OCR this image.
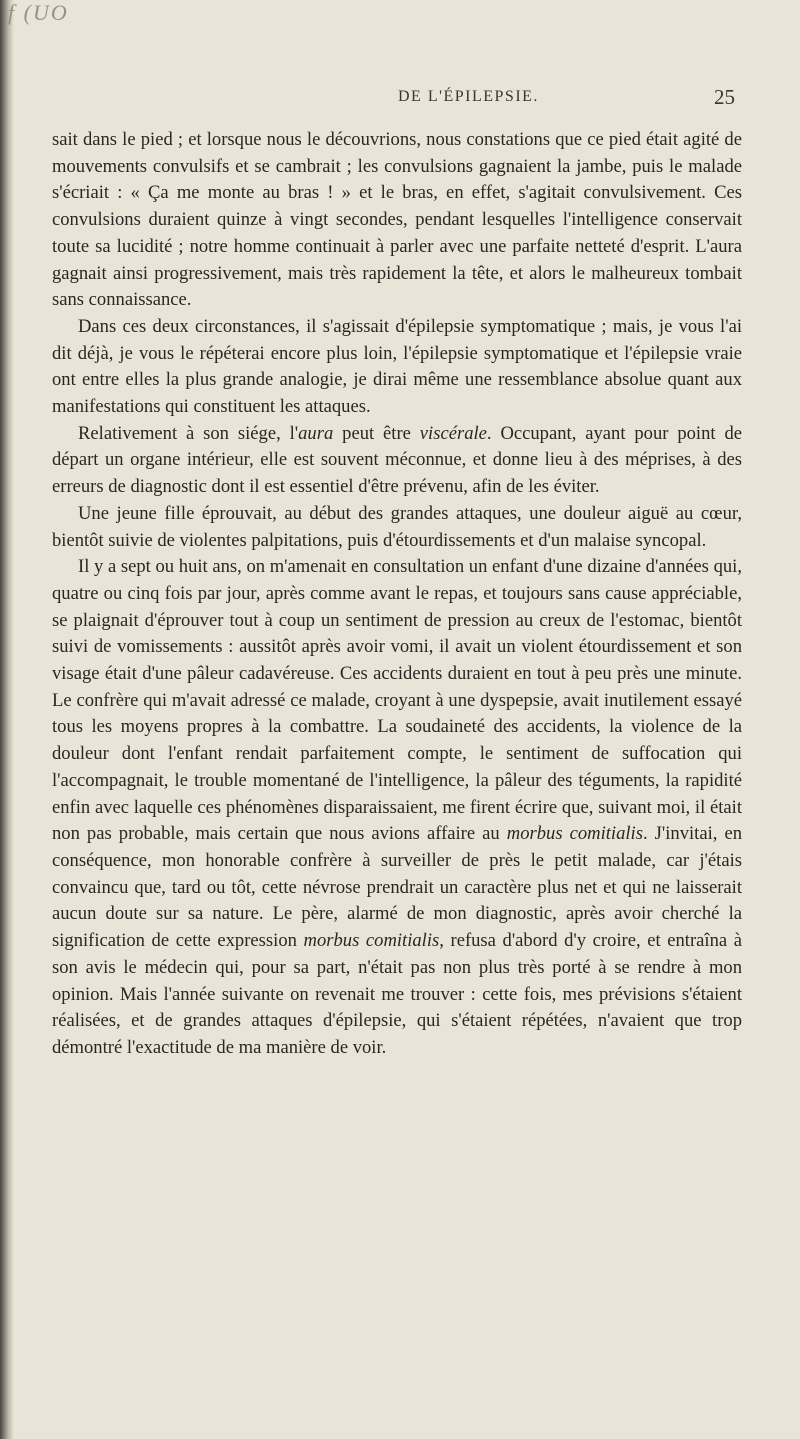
f (UO
DE L'ÉPILEPSIE.	25

sait dans le pied ; et lorsque nous le découvrions, nous constations que ce pied était agité de mouvements convulsifs et se cambrait ; les convulsions gagnaient la jambe, puis le malade s'écriait : « Ça me monte au bras ! » et le bras, en effet, s'agitait convulsivement. Ces convulsions duraient quinze à vingt secondes, pendant lesquelles l'intelligence conservait toute sa lucidité ; notre homme continuait à parler avec une parfaite netteté d'esprit. L'aura gagnait ainsi progressivement, mais très rapidement la tête, et alors le malheureux tombait sans connaissance.

Dans ces deux circonstances, il s'agissait d'épilepsie symptomatique ; mais, je vous l'ai dit déjà, je vous le répéterai encore plus loin, l'épilepsie symptomatique et l'épilepsie vraie ont entre elles la plus grande analogie, je dirai même une ressemblance absolue quant aux manifestations qui constituent les attaques.

Relativement à son siége, l'aura peut être viscérale. Occupant, ayant pour point de départ un organe intérieur, elle est souvent méconnue, et donne lieu à des méprises, à des erreurs de diagnostic dont il est essentiel d'être prévenu, afin de les éviter.

Une jeune fille éprouvait, au début des grandes attaques, une douleur aiguë au cœur, bientôt suivie de violentes palpitations, puis d'étourdissements et d'un malaise syncopal.

Il y a sept ou huit ans, on m'amenait en consultation un enfant d'une dizaine d'années qui, quatre ou cinq fois par jour, après comme avant le repas, et toujours sans cause appréciable, se plaignait d'éprouver tout à coup un sentiment de pression au creux de l'estomac, bientôt suivi de vomissements : aussitôt après avoir vomi, il avait un violent étourdissement et son visage était d'une pâleur cadavéreuse. Ces accidents duraient en tout à peu près une minute. Le confrère qui m'avait adressé ce malade, croyant à une dyspepsie, avait inutilement essayé tous les moyens propres à la combattre. La soudaineté des accidents, la violence de la douleur dont l'enfant rendait parfaitement compte, le sentiment de suffocation qui l'accompagnait, le trouble momentané de l'intelligence, la pâleur des téguments, la rapidité enfin avec laquelle ces phénomènes disparaissaient, me firent écrire que, suivant moi, il était non pas probable, mais certain que nous avions affaire au morbus comitialis. J'invitai, en conséquence, mon honorable confrère à surveiller de près le petit malade, car j'étais convaincu que, tard ou tôt, cette névrose prendrait un caractère plus net et qui ne laisserait aucun doute sur sa nature. Le père, alarmé de mon diagnostic, après avoir cherché la signification de cette expression morbus comitialis, refusa d'abord d'y croire, et entraîna à son avis le médecin qui, pour sa part, n'était pas non plus très porté à se rendre à mon opinion. Mais l'année suivante on revenait me trouver : cette fois, mes prévisions s'étaient réalisées, et de grandes attaques d'épilepsie, qui s'étaient répétées, n'avaient que trop démontré l'exactitude de ma manière de voir.
